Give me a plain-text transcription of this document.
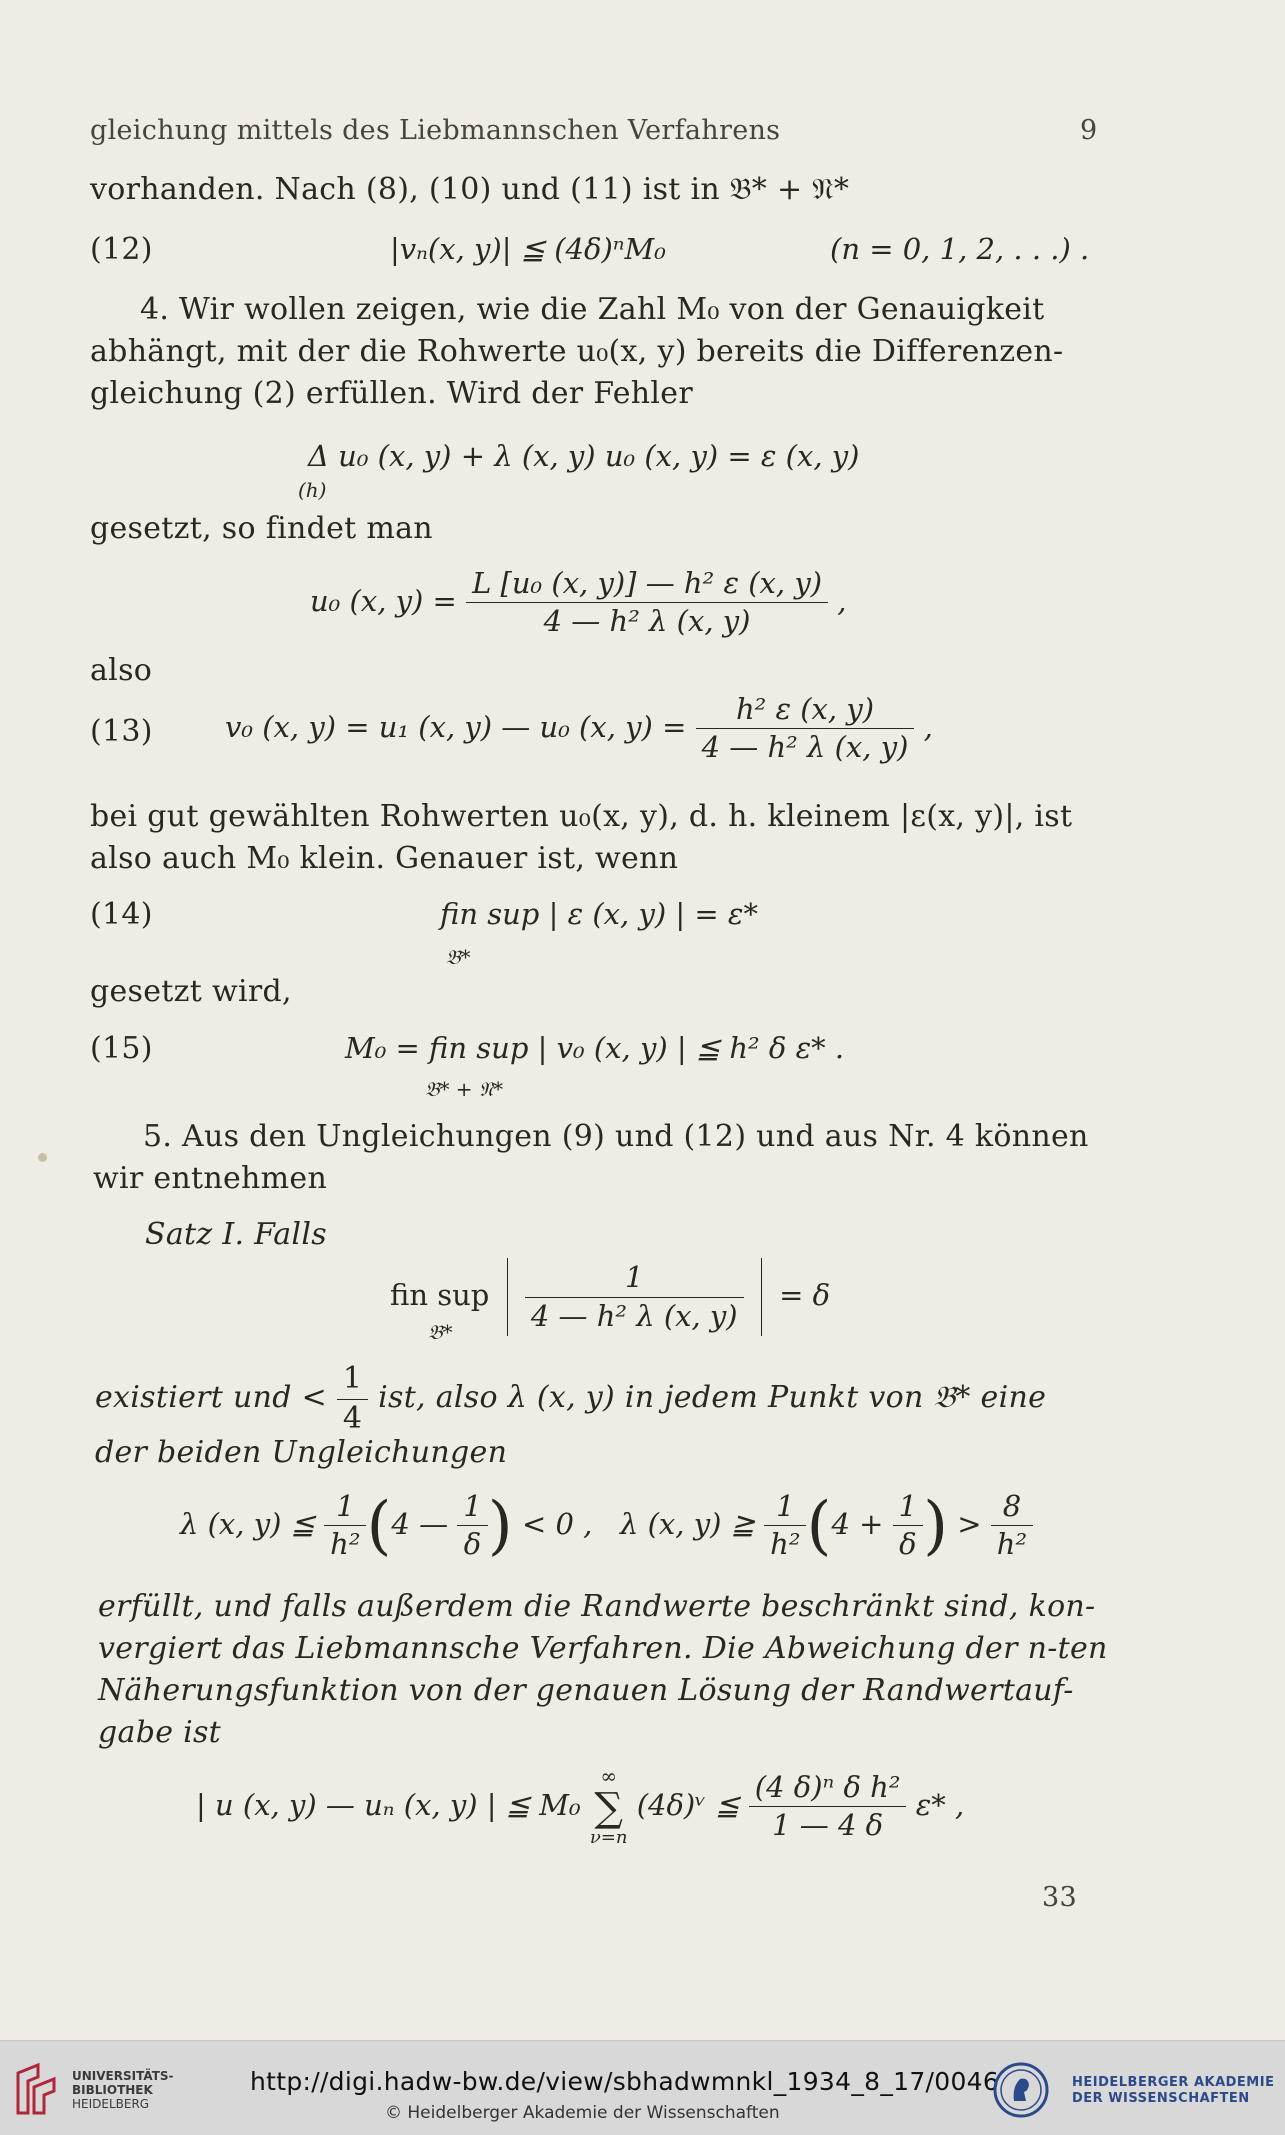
gleichung mittels des Liebmannschen Verfahrens	9
vorhanden. Nach (8), (10) und (11) ist in 𝔅* + 𝔑*
(12)	|vₙ(x, y)| ≦ (4δ)ⁿM₀	(n = 0, 1, 2, . . .) .
4. Wir wollen zeigen, wie die Zahl M₀ von der Genauigkeit
abhängt, mit der die Rohwerte u₀(x, y) bereits die Differenzen-
gleichung (2) erfüllen. Wird der Fehler
Δ u₀ (x, y) + λ (x, y) u₀ (x, y) = ε (x, y)
(h)
gesetzt, so findet man
u₀ (x, $y) = \frac{\text{L [u₀ (x, y)] — h² ε (x, y)}}{\text{4 — h² λ (x, y)}}$ ,
also
(13) v₀ (x, y) = u₁ (x, y) — u₀ (x, $y) = \frac{\text{h² ε (x, y)}}{\text{4 — h² λ (x, y)}}$ ,
bei gut gewählten Rohwerten u₀(x, y), d. h. kleinem |ε(x, y)|, ist
also auch M₀ klein. Genauer ist, wenn
(14)	fin sup | ε (x, y) | = ε*
𝔅*
gesetzt wird,
(15)	M₀ = fin sup | v₀ (x, y) | ≦ h² δ ε* .
𝔅* + 𝔑*
5. Aus den Ungleichungen (9) und (12) und aus Nr. 4 können
wir entnehmen
Satz I. Falls
fin sup $\frac{1}{\text{4 — h² λ (x, y)}} = \delta$
𝔅*
existiert und < $\frac{1}{4}$ ist, also λ (x, y) in jedem Punkt von 𝔅* eine
der beiden Ungleichungen
λ (x, y) ≦ $\frac{1}{\text{h²}} (4$ — $\frac{1}{\delta}$ ) < 0 , λ (x, y) ≧ $\frac{1}{\text{h²}} (4 + \frac{1}{\delta}$ ) > $\frac{8}{\text{h²}}$
erfüllt, und falls außerdem die Randwerte beschränkt sind, kon-
vergiert das Liebmannsche Verfahren. Die Abweichung der n-ten
Näherungsfunktion von der genauen Lösung der Randwertauf-
gabe ist
| u (x, y) — uₙ (x, y) | ≦ M₀
∞
∑
ν=n
(4δ)ᵛ ≦ $\frac{\text{(4 δ)ⁿ δ h²}}{1 — 4 \delta} \varepsilon*$ ,
33
UNIVERSITÄTS-
BIBLIOTHEK
HEIDELBERG
http://digi.hadw-bw.de/view/sbhadwmnkl_1934_8_17/0046
© Heidelberger Akademie der Wissenschaften
HEIDELBERGER AKADEMIE
DER WISSENSCHAFTEN
